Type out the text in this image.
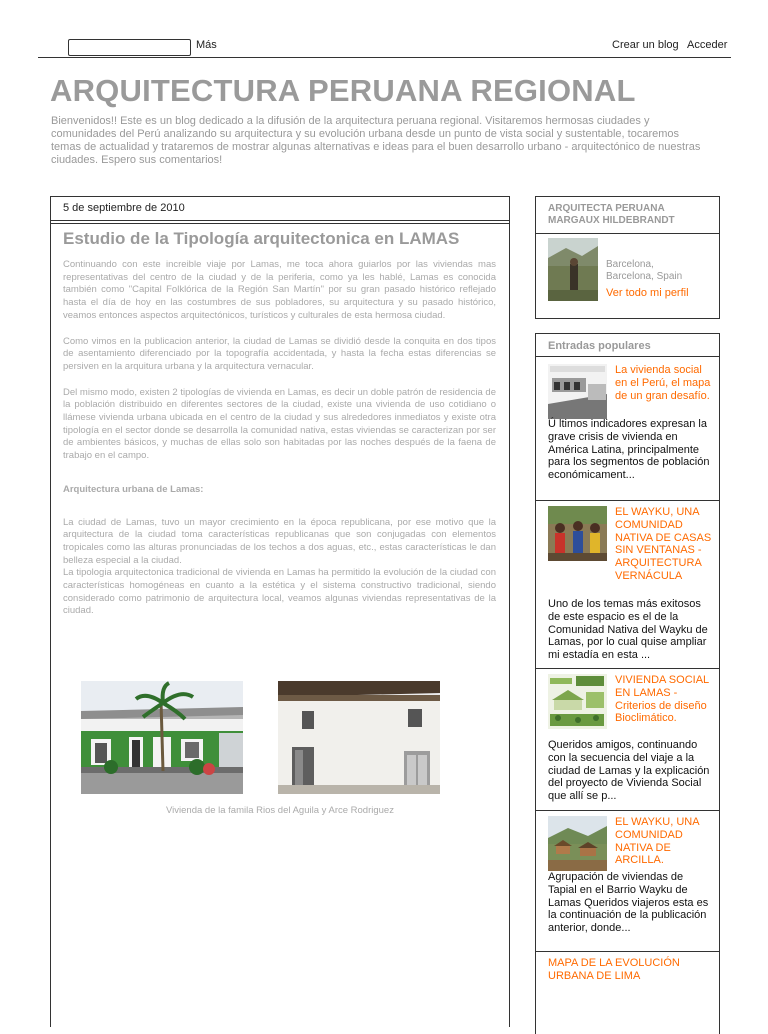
Más	Crear un blog Acceder
ARQUITECTURA PERUANA REGIONAL
Bienvenidos!! Este es un blog dedicado a la difusión de la arquitectura peruana regional. Visitaremos hermosas ciudades y comunidades del Perú analizando su arquitectura y su evolución urbana desde un punto de vista social y sustentable, tocaremos temas de actualidad y trataremos de mostrar algunas alternativas e ideas para el buen desarrollo urbano - arquitectónico de nuestras ciudades. Espero sus comentarios!
5 de septiembre de 2010
Estudio de la Tipología arquitectonica en LAMAS

Continuando con este increible viaje por Lamas, me toca ahora guiarlos por las viviendas mas representativas del centro de la ciudad y de la periferia, como ya les hablé, Lamas es conocida también como "Capital Folklórica de la Región San Martín" por su gran pasado histórico reflejado hasta el día de hoy en las costumbres de sus pobladores, su arquitectura y su pasado histórico, veamos entonces aspectos arquitectónicos, turísticos y culturales de esta hermosa ciudad.

Como vimos en la publicacion anterior, la ciudad de Lamas se dividió desde la conquita en dos tipos de asentamiento diferenciado por la topografía accidentada, y hasta la fecha estas diferencias se persiven en la arquitura urbana y la arquitectura vernacular.

Del mismo modo, existen 2 tipologías de vivienda en Lamas, es decir un doble patrón de residencia de la población distribuido en diferentes sectores de la ciudad, existe una vivienda de uso cotidiano o llámese vivienda urbana ubicada en el centro de la ciudad y sus alrededores inmediatos y existe otra tipología en el sector donde se desarrolla la comunidad nativa, estas viviendas se caracterizan por ser de ambientes básicos, y muchas de ellas solo son habitadas por las noches después de la faena de trabajo en el campo.

Arquitectura urbana de Lamas:

La ciudad de Lamas, tuvo un mayor crecimiento en la época republicana, por ese motivo que la arquitectura de la ciudad toma características republicanas que son conjugadas con elementos tropicales como las alturas pronunciadas de los techos a dos aguas, etc., estas características le dan belleza especial a la ciudad.

La tipologia arquitectonica tradicional de vivienda en Lamas ha permitido la evolución de la ciudad con características homogéneas en cuanto a la estética y el sistema constructivo tradicional, siendo considerado como patrimonio de arquitectura local, veamos algunas viviendas representativas de la ciudad.

Vivienda de la famila Rios del Aguila y Arce Rodriguez
ARQUITECTA PERUANA MARGAUX HILDEBRANDT
Barcelona, Barcelona, Spain
Ver todo mi perfil
Entradas populares
La vivienda social en el Perú, el mapa de un gran desafío.
Ú ltimos indicadores expresan la grave crisis de vivienda en América Latina, principalmente para los segmentos de población económicament...
EL WAYKU, UNA COMUNIDAD NATIVA DE CASAS SIN VENTANAS - ARQUITECTURA VERNÁCULA
Uno de los temas más exitosos de este espacio es el de la Comunidad Nativa del Wayku de Lamas, por lo cual quise ampliar mi estadía en esta ...
VIVIENDA SOCIAL EN LAMAS - Criterios de diseño Bioclimático.
Queridos amigos, continuando con la secuencia del viaje a la ciudad de Lamas y la explicación del proyecto de Vivienda Social que allí se p...
EL WAYKU, UNA COMUNIDAD NATIVA DE ARCILLA.
Agrupación de viviendas de Tapial en el Barrio Wayku de Lamas Queridos viajeros esta es la continuación de la publicación anterior, donde...
MAPA DE LA EVOLUCIÓN URBANA DE LIMA
